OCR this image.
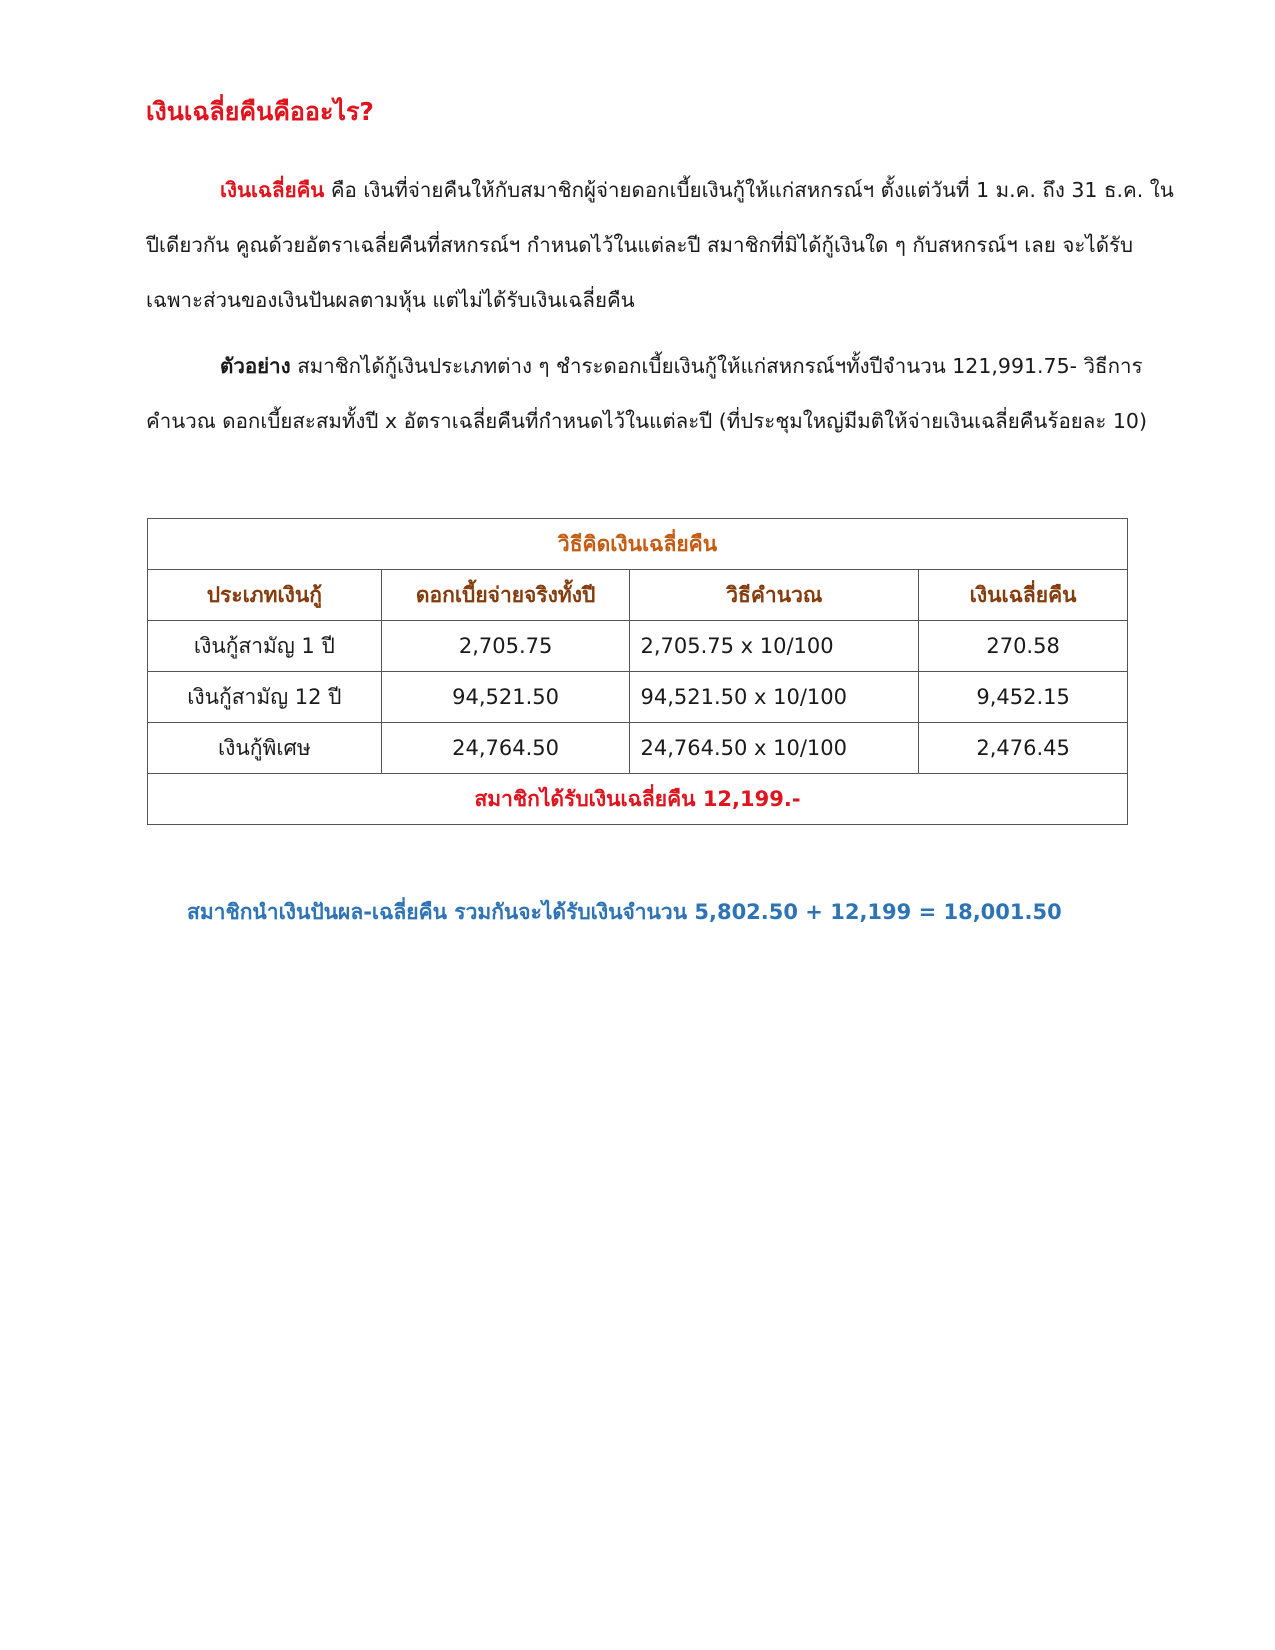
เงินเฉลี่ยคืนคืออะไร?

เงินเฉลี่ยคืน คือ เงินที่จ่ายคืนให้กับสมาชิกผู้จ่ายดอกเบี้ยเงินกู้ให้แก่สหกรณ์ฯ ตั้งแต่วันที่ 1 ม.ค. ถึง 31 ธ.ค. ในปีเดียวกัน คูณด้วยอัตราเฉลี่ยคืนที่สหกรณ์ฯ กำหนดไว้ในแต่ละปี สมาชิกที่มิได้กู้เงินใด ๆ กับสหกรณ์ฯ เลย จะได้รับเฉพาะส่วนของเงินปันผลตามหุ้น แต่ไม่ได้รับเงินเฉลี่ยคืน

ตัวอย่าง สมาชิกได้กู้เงินประเภทต่าง ๆ ชำระดอกเบี้ยเงินกู้ให้แก่สหกรณ์ฯทั้งปีจำนวน 121,991.75- วิธีการคำนวณ ดอกเบี้ยสะสมทั้งปี x อัตราเฉลี่ยคืนที่กำหนดไว้ในแต่ละปี (ที่ประชุมใหญ่มีมติให้จ่ายเงินเฉลี่ยคืนร้อยละ 10)

วิธีคิดเงินเฉลี่ยคืน			
ประเภทเงินกู้	ดอกเบี้ยจ่ายจริงทั้งปี	วิธีคำนวณ	เงินเฉลี่ยคืน
เงินกู้สามัญ 1 ปี	2,705.75	2,705.75 x 10/100	270.58
เงินกู้สามัญ 12 ปี	94,521.50	94,521.50 x 10/100	9,452.15
เงินกู้พิเศษ	24,764.50	24,764.50 x 10/100	2,476.45
สมาชิกได้รับเงินเฉลี่ยคืน 12,199.-			
สมาชิกนำเงินปันผล-เฉลี่ยคืน รวมกันจะได้รับเงินจำนวน 5,802.50 + 12,199 = 18,001.50
